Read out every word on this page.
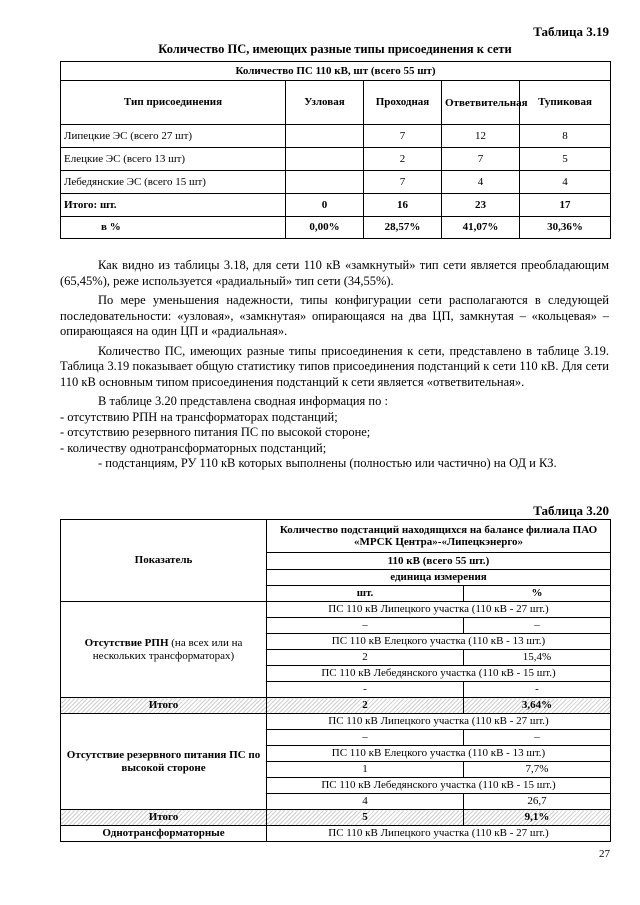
Таблица 3.19
Количество ПС, имеющих разные типы присоединения к сети
Количество ПС 110 кВ, шт (всего 55 шт)				
Тип присоединения	Узловая	Проходная	Ответвительная	Тупиковая
Липецкие ЭС (всего 27 шт)		7	12	8
Елецкие ЭС (всего 13 шт)		2	7	5
Лебедянские ЭС (всего 15 шт)		7	4	4
Итого: шт.	0	16	23	17
в %	0,00%	28,57%	41,07%	30,36%

Как видно из таблицы 3.18, для сети 110 кВ «замкнутый» тип сети является преобладающим (65,45%), реже используется «радиальный» тип сети (34,55%).

По мере уменьшения надежности, типы конфигурации сети располагаются в следующей последовательности: «узловая», «замкнутая» опирающаяся на два ЦП, замкнутая – «кольцевая» – опирающаяся на один ЦП и «радиальная».

Количество ПС, имеющих разные типы присоединения к сети, представлено в таблице 3.19. Таблица 3.19 показывает общую статистику типов присоединения подстанций к сети 110 кВ. Для сети 110 кВ основным типом присоединения подстанций к сети является «ответвительная».

В таблице 3.20 представлена сводная информация по :

- отсутствию РПН на трансформаторах подстанций;

- отсутствию резервного питания ПС по высокой стороне;

- количеству однотрансформаторных подстанций;

- подстанциям, РУ 110 кВ которых выполнены (полностью или частично) на ОД и КЗ.

Таблица 3.20
Показатель	Количество подстанций находящихся на балансе филиала ПАО «МРСК Центра»-«Липецкэнерго»	
	110 кВ (всего 55 шт.)	
	единица измерения	
	шт.	%
Отсутствие РПН (на всех или на нескольких трансформаторах)	ПС 110 кВ Липецкого участка (110 кВ - 27 шт.)	
	–	–
	ПС 110 кВ Елецкого участка (110 кВ - 13 шт.)	
	2	15,4%
	ПС 110 кВ Лебедянского участка (110 кВ - 15 шт.)	
	-	-
Итого	2	3,64%
Отсутствие резервного питания ПС по высокой стороне	ПС 110 кВ Липецкого участка (110 кВ - 27 шт.)	
	–	–
	ПС 110 кВ Елецкого участка (110 кВ - 13 шт.)	
	1	7,7%
	ПС 110 кВ Лебедянского участка (110 кВ - 15 шт.)	
	4	26,7
Итого	5	9,1%
Однотрансформаторные	ПС 110 кВ Липецкого участка (110 кВ - 27 шт.)	
27
